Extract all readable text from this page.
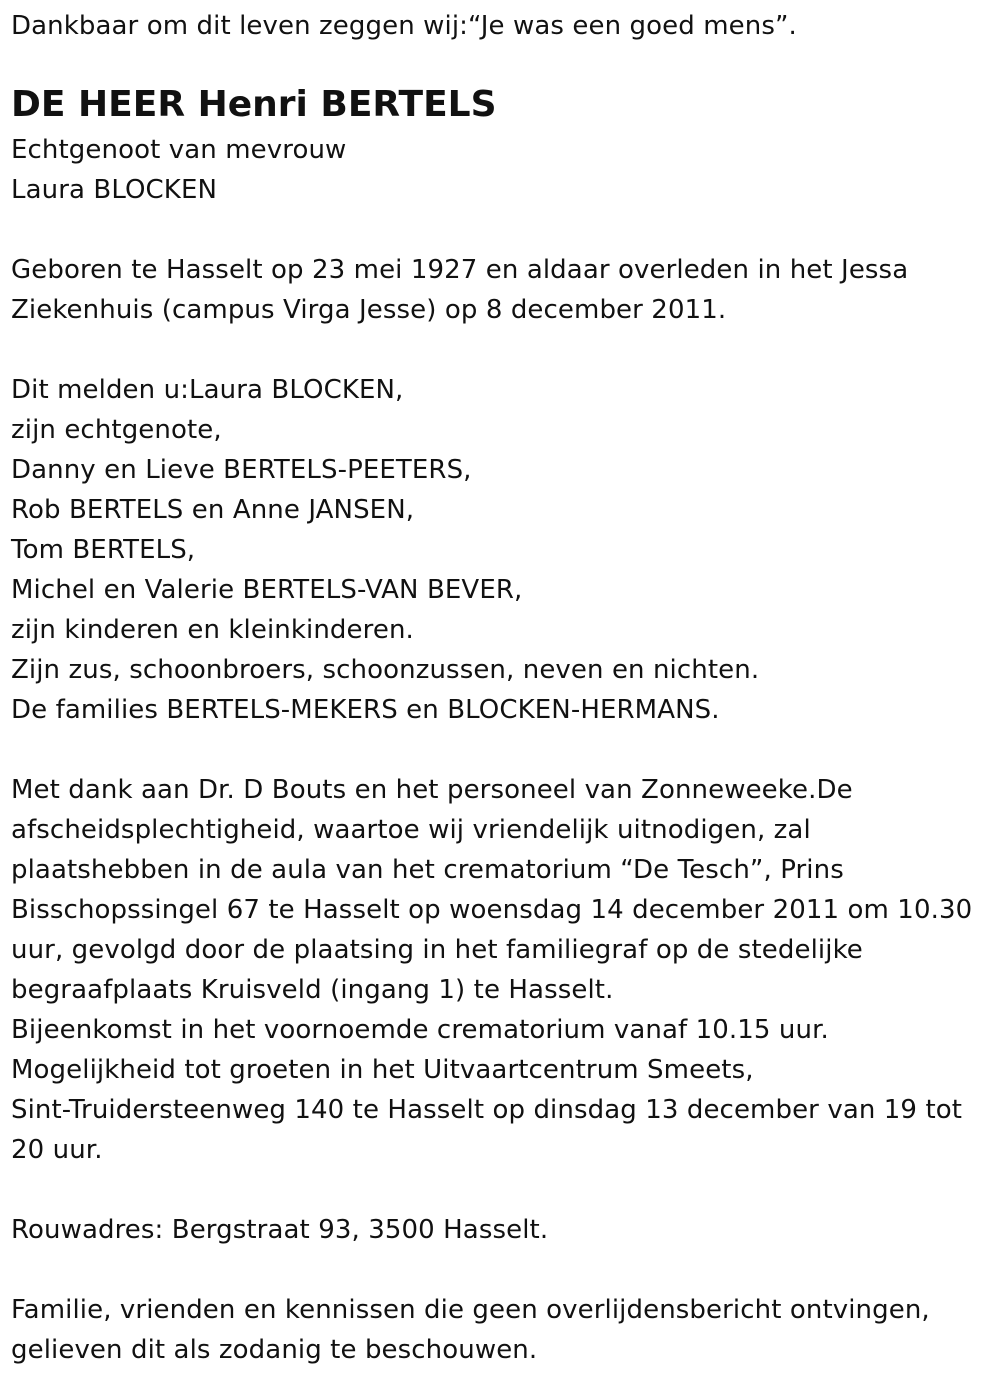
Dankbaar om dit leven zeggen wij:“Je was een goed mens”.
DE HEER Henri BERTELS
Echtgenoot van mevrouw
Laura BLOCKEN
Geboren te Hasselt op 23 mei 1927 en aldaar overleden in het Jessa
Ziekenhuis (campus Virga Jesse) op 8 december 2011.
Dit melden u:Laura BLOCKEN,
zijn echtgenote,
Danny en Lieve BERTELS-PEETERS,
Rob BERTELS en Anne JANSEN,
Tom BERTELS,
Michel en Valerie BERTELS-VAN BEVER,
zijn kinderen en kleinkinderen.
Zijn zus, schoonbroers, schoonzussen, neven en nichten.
De families BERTELS-MEKERS en BLOCKEN-HERMANS.
Met dank aan Dr. D Bouts en het personeel van Zonneweeke.De
afscheidsplechtigheid, waartoe wij vriendelijk uitnodigen, zal
plaatshebben in de aula van het crematorium “De Tesch”, Prins
Bisschopssingel 67 te Hasselt op woensdag 14 december 2011 om 10.30
uur, gevolgd door de plaatsing in het familiegraf op de stedelijke
begraafplaats Kruisveld (ingang 1) te Hasselt.
Bijeenkomst in het voornoemde crematorium vanaf 10.15 uur.
Mogelijkheid tot groeten in het Uitvaartcentrum Smeets,
Sint-Truidersteenweg 140 te Hasselt op dinsdag 13 december van 19 tot
20 uur.
Rouwadres: Bergstraat 93, 3500 Hasselt.
Familie, vrienden en kennissen die geen overlijdensbericht ontvingen,
gelieven dit als zodanig te beschouwen.
